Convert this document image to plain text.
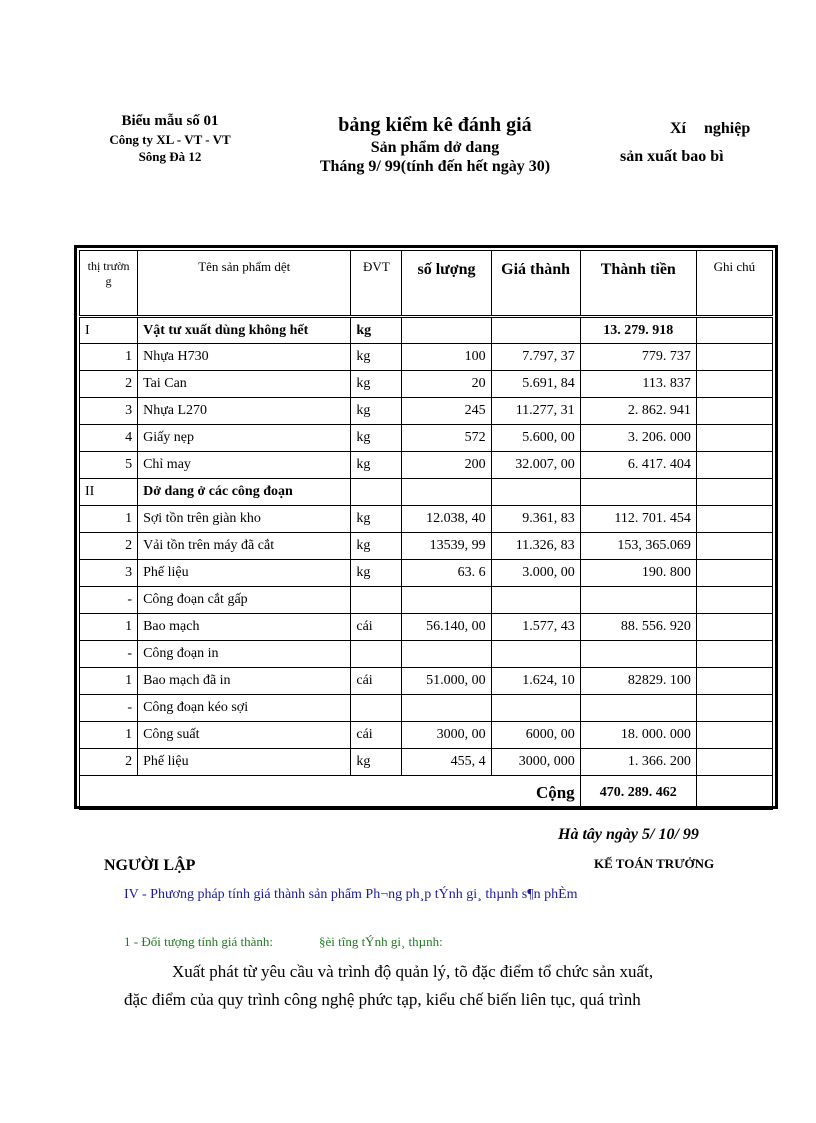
Biểu mẫu số 01
Công ty XL - VT - VT
Sông Đà 12
bảng kiểm kê đánh giá
Sản phẩm dở dang
Tháng 9/ 99(tính đến hết ngày 30)
Xí nghiệp
sản xuất bao bì
thị trườn g	Tên sản phẩm dệt	ĐVT	số lượng	Giá thành	Thành tiền	Ghi chú
I	Vật tư xuất dùng không hết	kg			13. 279. 918	
1	Nhựa H730	kg	100	7.797, 37	779. 737	
2	Tai Can	kg	20	5.691, 84	113. 837	
3	Nhựa L270	kg	245	11.277, 31	2. 862. 941	
4	Giấy nẹp	kg	572	5.600, 00	3. 206. 000	
5	Chỉ may	kg	200	32.007, 00	6. 417. 404	
II	Dở dang ở các công đoạn					
1	Sợi tồn trên giàn kho	kg	12.038, 40	9.361, 83	112. 701. 454	
2	Vải tồn trên máy đã cắt	kg	13539, 99	11.326, 83	153, 365.069	
3	Phế liệu	kg	63. 6	3.000, 00	190. 800	
-	Công đoạn cắt gấp					
1	Bao mạch	cái	56.140, 00	1.577, 43	88. 556. 920	
-	Công đoạn in					
1	Bao mạch đã in	cái	51.000, 00	1.624, 10	82829. 100	
-	Công đoạn kéo sợi					
1	Công suất	cái	3000, 00	6000, 00	18. 000. 000	
2	Phế liệu	kg	455, 4	3000, 000	1. 366. 200	
Cộng					470. 289. 462	
Hà tây ngày 5/ 10/ 99
NGƯỜI LẬP	KẾ TOÁN TRƯỞNG
IV - Phương pháp tính giá thành sản phẩm Ph¬ng ph¸p tÝnh gi¸ thµnh s¶n phÈm
1 - Đối tượng tính giá thành:	§èi tîng tÝnh gi¸ thµnh:
Xuất phát từ yêu cầu và trình độ quản lý, tõ đặc điểm tổ chức sản xuất,
đặc điểm của quy trình công nghệ phức tạp, kiểu chế biến liên tục, quá trình
